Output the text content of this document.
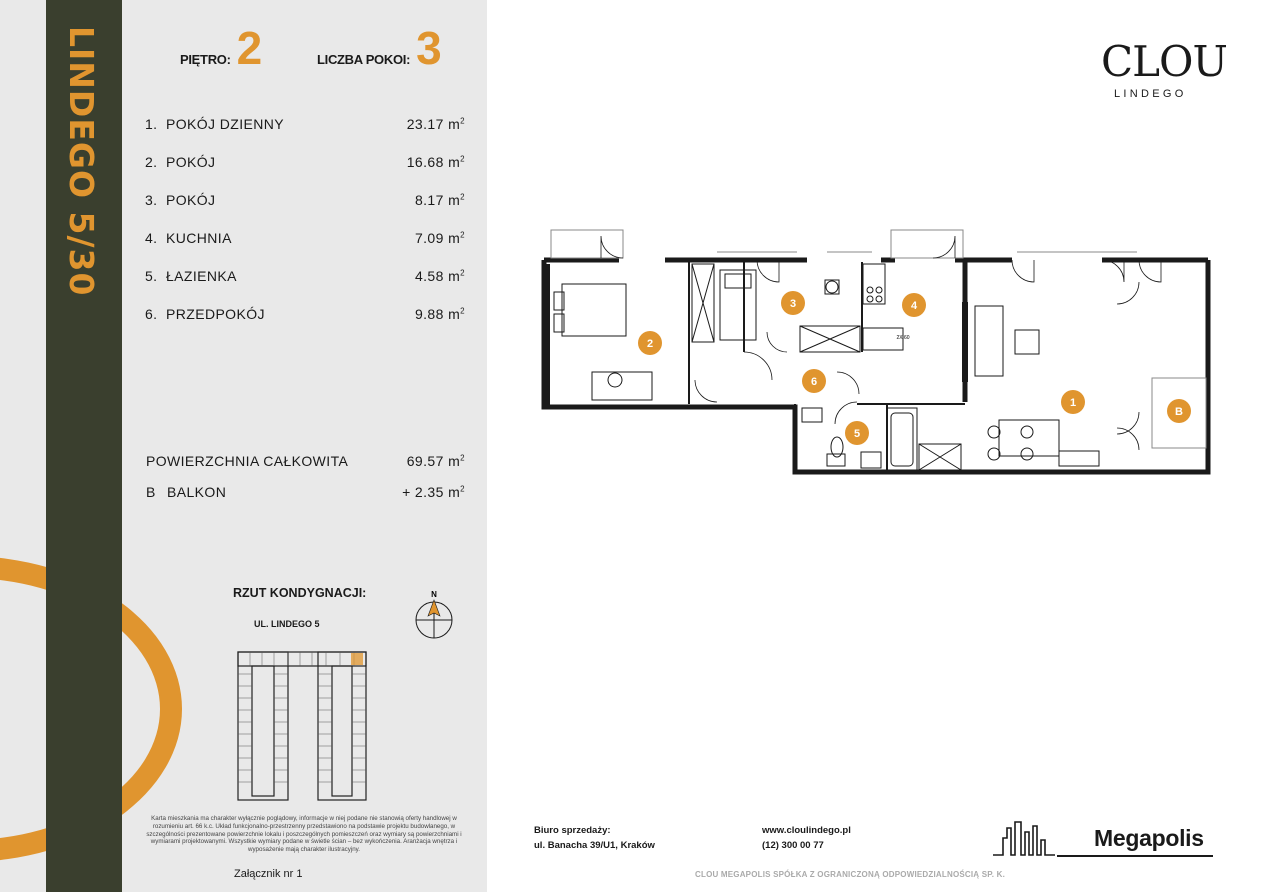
LINDEGO 5/30	PIĘTRO: 2	LICZBA POKOI: 3
1. POKÓJ DZIENNY	23.17 $m^2$
2. POKÓJ	16.68 $m^2$
3. POKÓJ	8.17 $m^2$
4. KUCHNIA	7.09 $m^2$
5. ŁAZIENKA	4.58 $m^2$
6. PRZEDPOKÓJ	9.88 $m^2$
POWIERZCHNIA CAŁKOWITA	69.57 $m^2$
B BALKON	+ 2.35 $m^2$
RZUT KONDYGNACJI:
UL. LINDEGO 5
N
Karta mieszkania ma charakter wyłącznie poglądowy, informacje w niej podane nie stanowią oferty handlowej w rozumieniu art. 66 k.c. Układ funkcjonalno-przestrzenny przedstawiono na podstawie projektu budowlanego, w szczególności prezentowane powierzchnie lokalu i poszczególnych pomieszczeń oraz wymiary są powierzchniami i wymiarami projektowanymi. Wszystkie wymiary podane w świetle ścian – bez wykończenia. Aranżacja wnętrza i wyposażenie mają charakter ilustracyjny.
Załącznik nr 1
CLOU
LINDEGO
2X 60
1
2
3	4
5
6
B
Biuro sprzedaży:
ul. Banacha 39/U1, Kraków
www.cloulindego.pl
(12) 300 00 77	Megapolis
CLOU MEGAPOLIS SPÓŁKA Z OGRANICZONĄ ODPOWIEDZIALNOŚCIĄ SP. K.
